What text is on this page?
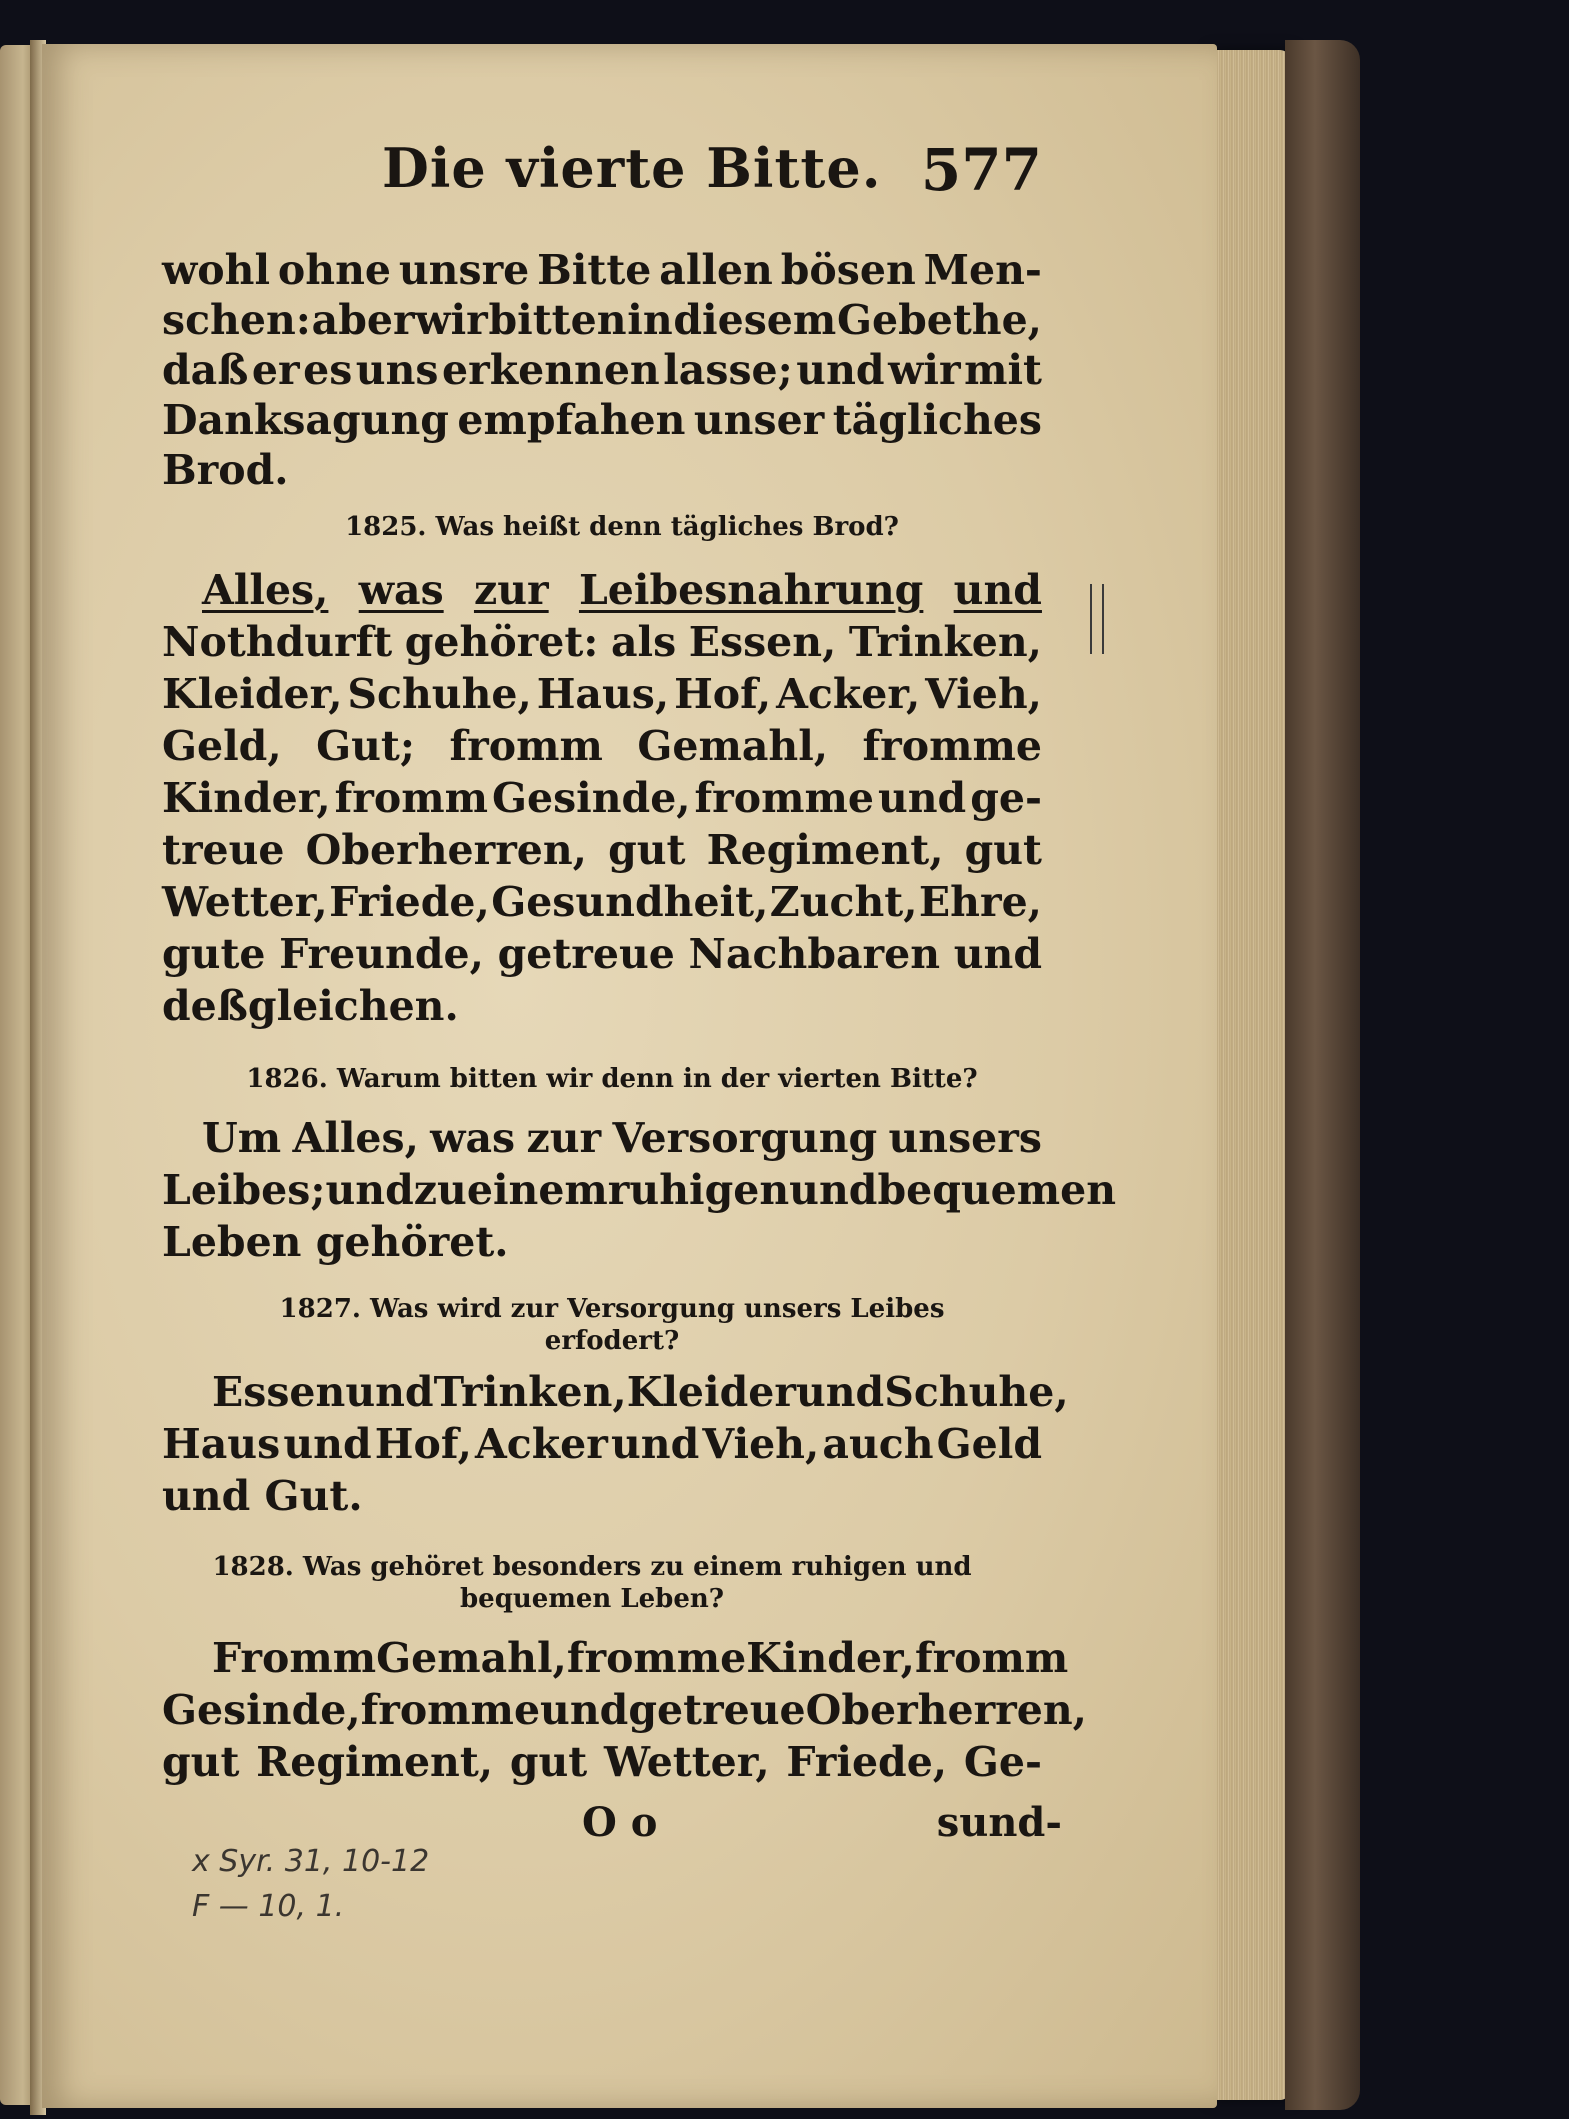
Die vierte Bitte. 577
wohl ohne unsre Bitte allen bösen Men-
schen: aber wir bitten in diesem Gebethe,
daß er es uns erkennen lasse; und wir mit
Danksagung empfahen unser tägliches
Brod.
1825. Was heißt denn tägliches Brod?
Alles, was zur Leibesnahrung und
Nothdurft gehöret: als Essen, Trinken,
Kleider, Schuhe, Haus, Hof, Acker, Vieh,
Geld, Gut; fromm Gemahl, fromme
Kinder, fromm Gesinde, fromme und ge-
treue Oberherren, gut Regiment, gut
Wetter, Friede, Gesundheit, Zucht, Ehre,
gute Freunde, getreue Nachbaren und
deßgleichen.
1826. Warum bitten wir denn in der vierten Bitte?
Um Alles, was zur Versorgung unsers
Leibes; und zu einem ruhigen und bequemen
Leben gehöret.
1827. Was wird zur Versorgung unsers Leibes
erfodert?
Essen und Trinken, Kleider und Schuhe,
Haus und Hof, Acker und Vieh, auch Geld
und Gut.
1828. Was gehöret besonders zu einem ruhigen und
bequemen Leben?
Fromm Gemahl, fromme Kinder, fromm
Gesinde, fromme und getreue Oberherren,
gut Regiment, gut Wetter, Friede, Ge-
O o	sund-
x Syr. 31, 10-12
F — 10, 1.
